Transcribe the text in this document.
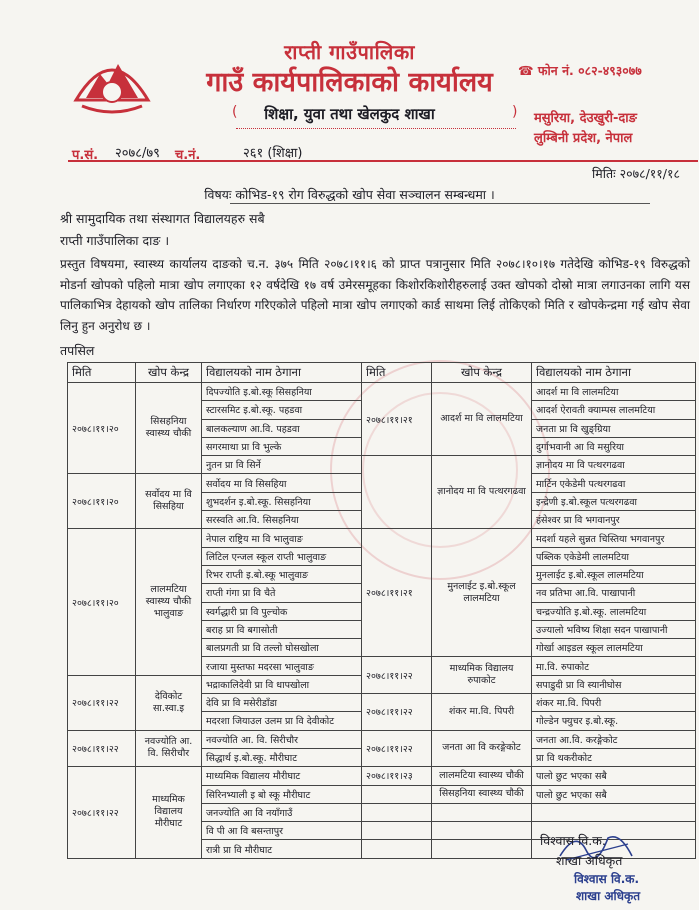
राप्ती गाउँपालिका
गाउँ कार्यपालिकाको कार्यालय
(	शिक्षा, युवा तथा खेलकुद शाखा	)
☎ फोन नं. ०८२-४९३०७७
मसुरिया, देउखुरी-दाङ
लुम्बिनी प्रदेश, नेपाल
प.सं. २०७८/७९ च.नं.	२६१ (शिक्षा)
मितिः २०७८/११/१८
विषयः कोभिड-१९ रोग विरुद्धको खोप सेवा सञ्चालन सम्बन्धमा ।
श्री सामुदायिक तथा संस्थागत विद्यालयहरु सबै
राप्ती गाउँपालिका दाङ ।
प्रस्तुत विषयमा, स्वास्थ्य कार्यालय दाङको च.न. ३७५ मिति २०७८।११।६ को प्राप्त पत्रानुसार मिति २०७८।१०।१७ गतेदेखि कोभिड-१९ विरुद्धको मोडर्ना खोपको पहिलो मात्रा खोप लगाएका १२ वर्षदेखि १७ वर्ष उमेरसमूहका किशोरकिशोरीहरुलाई उक्त खोपको दोस्रो मात्रा लगाउनका लागि यस पालिकाभित्र देहायको खोप तालिका निर्धारण गरिएकोले पहिलो मात्रा खोप लगाएको कार्ड साथमा लिई तोकिएको मिति र खोपकेन्द्रमा गई खोप सेवा लिनु हुन अनुरोध छ ।
तपसिल
मिति	खोप केन्द्र	विद्यालयको नाम ठेगाना	मिति	खोप केन्द्र	विद्यालयको नाम ठेगाना
२०७८।११।२०	सिसहनिया स्वास्थ्य चौकी	दिपज्योति इ.बो.स्कू सिसहनिया	२०७८।११।२१	आदर्श मा वि लालमटिया	आदर्श मा वि लालमटिया
		स्टारसमिट इ.बो.स्कू. पहडवा			आदर्श ऐरावती क्याम्पस लालमटिया
		बालकल्याण आ.वि. पहडवा			जनता प्रा वि खुङ्ग्रिया
		सगरमाथा प्रा वि भुल्के			दुर्गाभवानी आ वि मसुरिया
		नुतन प्रा वि सिर्ने		ज्ञानोदय मा वि पत्थरगढवा	ज्ञानोदय मा वि पत्थरगढवा
२०७८।११।२०	सर्वोदय मा वि सिसहिया	सर्वोदय मा वि सिसहिया			मार्टिन एकेडेमी पत्थरगढवा
		शुभदर्शन इ.बो.स्कू. सिसहनिया			इन्द्रेणी इ.बो.स्कूल पत्थरगढवा
		सरस्वति आ.वि. सिसहनिया			हंसेश्वर प्रा वि भगवानपुर
२०७८।११।२०	लालमटिया स्वास्थ्य चौकी भालुवाङ	नेपाल राष्ट्रिय मा वि भालुवाङ	२०७८।११।२१	मुनलाईट इ.बो.स्कूल लालमटिया	मदर्शा यहले सुन्नत चिस्तिया भगवानपुर
		लिटिल एन्जल स्कूल राप्ती भालुवाङ			पब्लिक एकेडेमी लालमटिया
		रिभर राप्ती इ.बो.स्कू भालुवाङ			मुनलाईट इ.बो.स्कूल लालमटिया
		राप्ती गंगा प्रा वि चैते			नव प्रतिभा आ.वि. पाखापानी
		स्वर्गद्धारी प्रा वि पुल्चोक			चन्द्रज्योति इ.बो.स्कू. लालमटिया
		बराह प्रा वि बगासोती			उज्यालो भविष्य शिक्षा सदन पाखापानी
		बालप्रगती प्रा वि तल्लो घोसखोला			गोर्खा आइडल स्कूल लालमटिया
		रजाया मुस्तफा मदरसा भालुवाङ	२०७८।११।२२	माध्यमिक विद्यालय रुपाकोट	मा.वि. रुपाकोट
२०७८।११।२२	देविकोट सा.स्वा.इ	भद्राकालिदेवी प्रा वि धापखोला			सपाडुदी प्रा वि स्यानीघोस
		देवि प्रा वि मसेरीडाँडा	२०७८।११।२२	शंकर मा.वि. पिपरी	शंकर मा.वि. पिपरी
		मदरशा जियाउल उलम प्रा वि देवीकोट			गोल्डेन फ्युचर इ.बो.स्कू.
२०७८।११।२२	नवज्योति आ. वि. सिरीचौर	नवज्योति आ. वि. सिरीचौर	२०७८।११।२२	जनता आ वि करङ्गेकोट	जनता आ.वि. करङ्गेकोट
		सिद्धार्थ इ.बो.स्कू. मौरीघाट			प्रा वि थकरीकोट
२०७८।११।२२	माध्यमिक विद्यालय मौरीघाट	माध्यमिक विद्यालय मौरीघाट	२०७८।११।२३	लालमटिया स्वास्थ्य चौकी	पालो छुट भएका सबै
		सिरिनभ्याली इ बो स्कू मौरीघाट		सिसहनिया स्वास्थ्य चौकी	पालो छुट भएका सबै
		जनज्योति आ वि नयाँगाउँ			
		वि पी आ वि बसन्तापुर			
		रात्री प्रा वि मौरीघाट			
विश्वास वि.क.
शाखा अधिकृत
विश्वास वि.क.
शाखा अधिकृत
